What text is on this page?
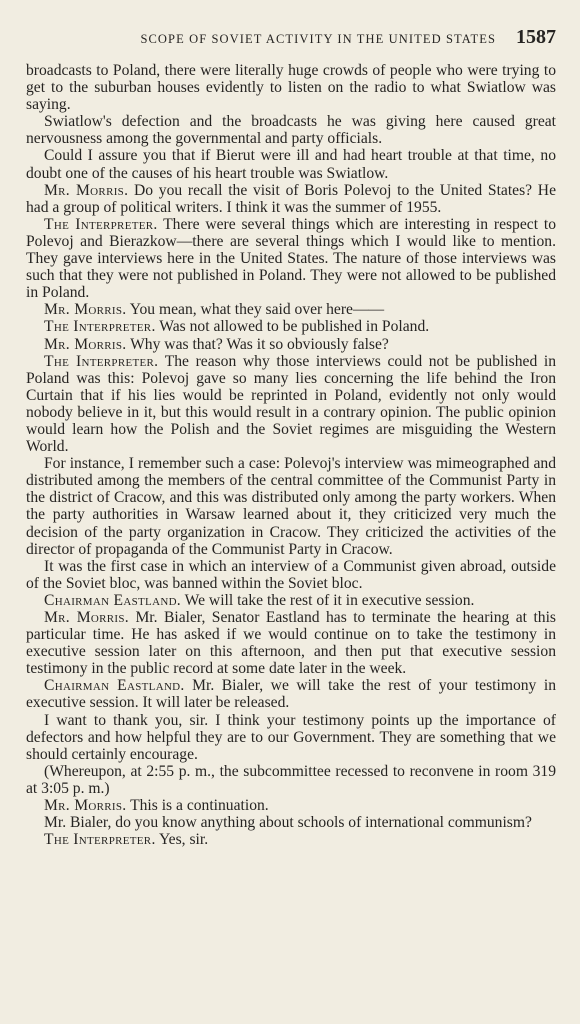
SCOPE OF SOVIET ACTIVITY IN THE UNITED STATES 1587

broadcasts to Poland, there were literally huge crowds of people who were trying to get to the suburban houses evidently to listen on the radio to what Swiatlow was saying.

Swiatlow's defection and the broadcasts he was giving here caused great nervousness among the governmental and party officials.

Could I assure you that if Bierut were ill and had heart trouble at that time, no doubt one of the causes of his heart trouble was Swiatlow.

Mr. Morris. Do you recall the visit of Boris Polevoj to the United States? He had a group of political writers. I think it was the summer of 1955.

The Interpreter. There were several things which are interesting in respect to Polevoj and Bierazkow—there are several things which I would like to mention. They gave interviews here in the United States. The nature of those interviews was such that they were not published in Poland. They were not allowed to be published in Poland.

Mr. Morris. You mean, what they said over here——

The Interpreter. Was not allowed to be published in Poland.

Mr. Morris. Why was that? Was it so obviously false?

The Interpreter. The reason why those interviews could not be published in Poland was this: Polevoj gave so many lies concerning the life behind the Iron Curtain that if his lies would be reprinted in Poland, evidently not only would nobody believe in it, but this would result in a contrary opinion. The public opinion would learn how the Polish and the Soviet regimes are misguiding the Western World.

For instance, I remember such a case: Polevoj's interview was mimeographed and distributed among the members of the central committee of the Communist Party in the district of Cracow, and this was distributed only among the party workers. When the party authorities in Warsaw learned about it, they criticized very much the decision of the party organization in Cracow. They criticized the activities of the director of propaganda of the Communist Party in Cracow.

It was the first case in which an interview of a Communist given abroad, outside of the Soviet bloc, was banned within the Soviet bloc.

Chairman Eastland. We will take the rest of it in executive session.

Mr. Morris. Mr. Bialer, Senator Eastland has to terminate the hearing at this particular time. He has asked if we would continue on to take the testimony in executive session later on this afternoon, and then put that executive session testimony in the public record at some date later in the week.

Chairman Eastland. Mr. Bialer, we will take the rest of your testimony in executive session. It will later be released.

I want to thank you, sir. I think your testimony points up the importance of defectors and how helpful they are to our Government. They are something that we should certainly encourage.

(Whereupon, at 2:55 p. m., the subcommittee recessed to reconvene in room 319 at 3:05 p. m.)

Mr. Morris. This is a continuation.

Mr. Bialer, do you know anything about schools of international communism?

The Interpreter. Yes, sir.
